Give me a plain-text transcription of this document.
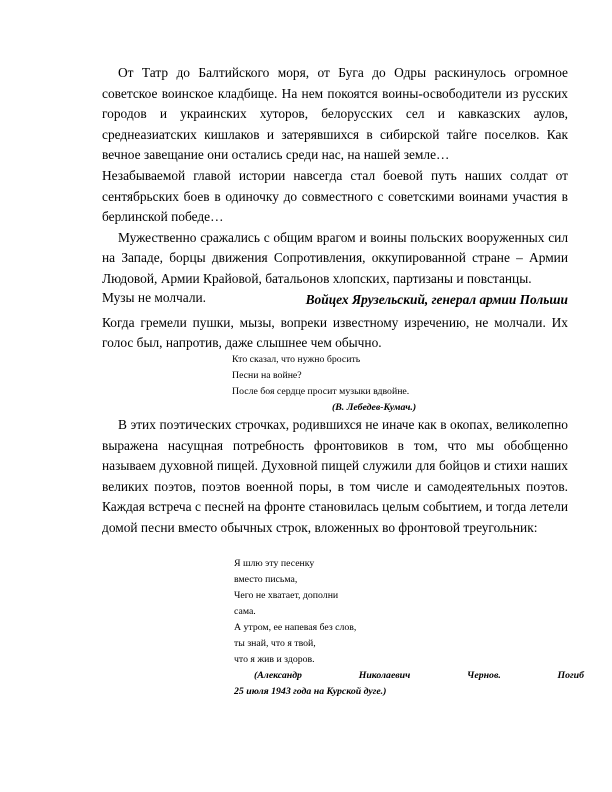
От Татр до Балтийского моря, от Буга до Одры раскинулось огромное советское воинское кладбище. На нем покоятся воины-освободители из русских городов и украинских хуторов, белорусских сел и кавказских аулов, среднеазиатских кишлаков и затерявшихся в сибирской тайге поселков. Как вечное завещание они остались среди нас, на нашей земле…

Незабываемой главой истории навсегда стал боевой путь наших солдат от сентябрьских боев в одиночку до совместного с советскими воинами участия в берлинской победе…

Мужественно сражались с общим врагом и воины польских вооруженных сил на Западе, борцы движения Сопротивления, оккупированной стране – Армии Людовой, Армии Крайовой, батальонов хлопских, партизаны и повстанцы.

Войцех Ярузельский, генерал армии Польши

Музы не молчали.

Когда гремели пушки, мызы, вопреки известному изречению, не молчали. Их голос был, напротив, даже слышнее чем обычно.

Кто сказал, что нужно бросить
Песни на войне?
После боя сердце просит музыки вдвойне.
(В. Лебедев-Кумач.)

В этих поэтических строчках, родившихся не иначе как в окопах, великолепно выражена насущная потребность фронтовиков в том, что мы обобщенно называем духовной пищей. Духовной пищей служили для бойцов и стихи наших великих поэтов, поэтов военной поры, в том числе и самодеятельных поэтов. Каждая встреча с песней на фронте становилась целым событием, и тогда летели домой песни вместо обычных строк, вложенных во фронтовой треугольник:

Я шлю эту песенку
вместо письма,
Чего не хватает, дополни
сама.
А утром, ее напевая без слов,
ты знай, что я твой,
что я жив и здоров.
(Александр Николаевич Чернов. Погиб
25 июля 1943 года на Курской дуге.)
